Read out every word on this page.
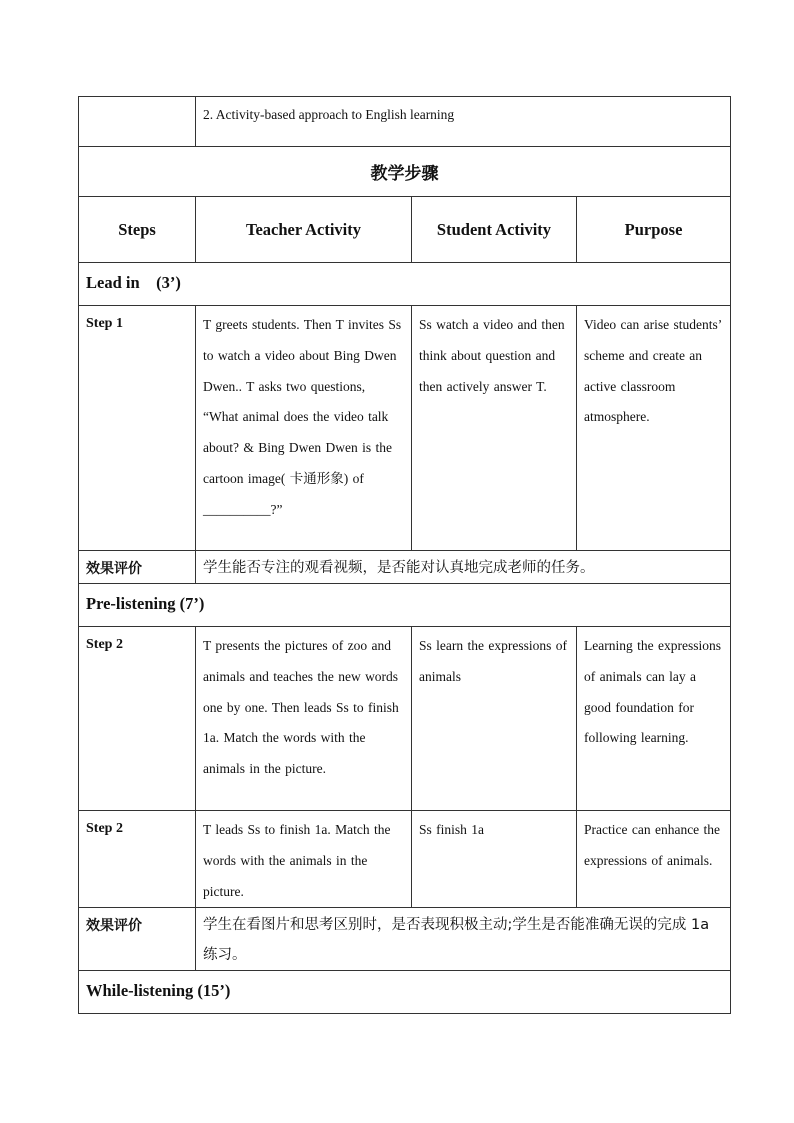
	2. Activity-based approach to English learning		
教学步骤			
Steps	Teacher Activity	Student Activity	Purpose
Lead in    (3’)			
Step 1	T greets students. Then T invites Ss to watch a video about Bing Dwen Dwen.. T asks two questions, “What animal does the video talk about? & Bing Dwen Dwen is the cartoon image( 卡通形象) of __________?”	Ss watch a video and then think about question and then actively answer T.	Video can arise students’ scheme and create an active classroom atmosphere.
效果评价	学生能否专注的观看视频，是否能对认真地完成老师的任务。		
Pre-listening (7’)			
Step 2	T presents the pictures of zoo and animals and teaches the new words one by one. Then leads Ss to finish 1a. Match the words with the animals in the picture.	Ss learn the expressions of animals	Learning the expressions of animals can lay a good foundation for following learning.
Step 2	T leads Ss to finish 1a. Match the words with the animals in the picture.	Ss finish 1a	Practice can enhance the expressions of animals.
效果评价	学生在看图片和思考区别时，是否表现积极主动;学生是否能准确无误的完成 1a 练习。		
While-listening (15’)			
